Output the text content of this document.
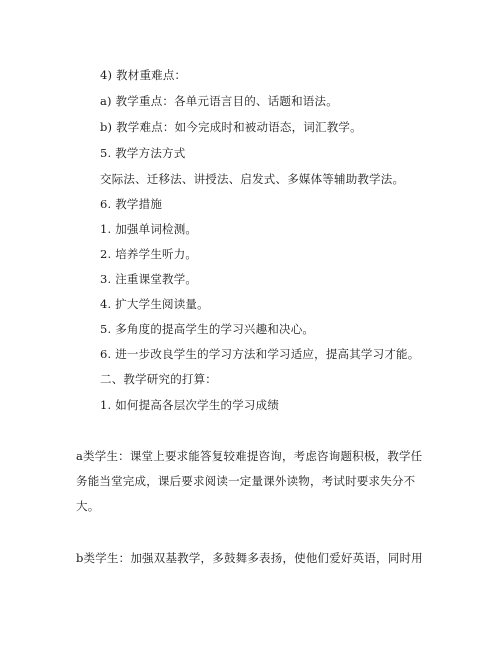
4) 教材重难点：
a) 教学重点：各单元语言目的、话题和语法。
b) 教学难点：如今完成时和被动语态，词汇教学。
5. 教学方法方式
交际法、迁移法、讲授法、启发式、多媒体等辅助教学法。
6. 教学措施
1. 加强单词检测。
2. 培养学生听力。
3. 注重课堂教学。
4. 扩大学生阅读量。
5. 多角度的提高学生的学习兴趣和决心。
6. 进一步改良学生的学习方法和学习适应，提高其学习才能。
二、教学研究的打算：
1. 如何提高各层次学生的学习成绩
a类学生：课堂上要求能答复较难提咨询，考虑咨询题积极，教学任务能当堂完成，课后要求阅读一定量课外读物，考试时要求失分不大。
b类学生：加强双基教学，多鼓舞多表扬，使他们爱好英语，同时用
